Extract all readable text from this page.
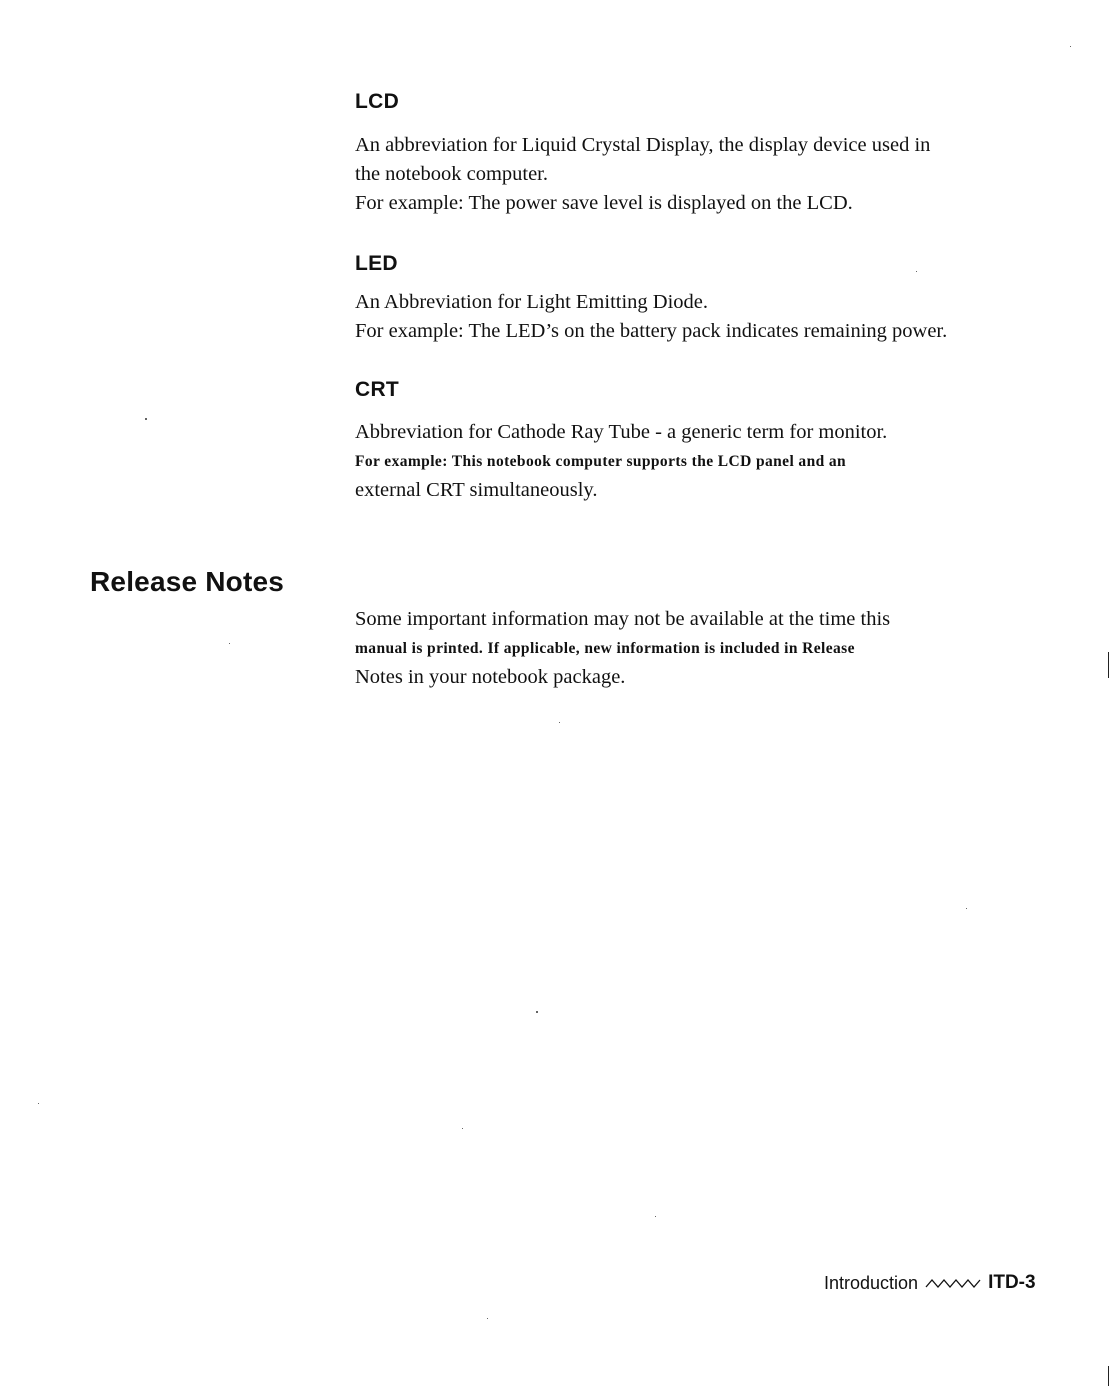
LCD

An abbreviation for Liquid Crystal Display, the display device used in
the notebook computer.
For example: The power save level is displayed on the LCD.

LED

An Abbreviation for Light Emitting Diode.
For example: The LED’s on the battery pack indicates remaining power.

CRT

Abbreviation for Cathode Ray Tube - a generic term for monitor.
For example: This notebook computer supports the LCD panel and an
external CRT simultaneously.

Release Notes

Some important information may not be available at the time this
manual is printed. If applicable, new information is included in Release
Notes in your notebook package.

Introduction	ITD-3
